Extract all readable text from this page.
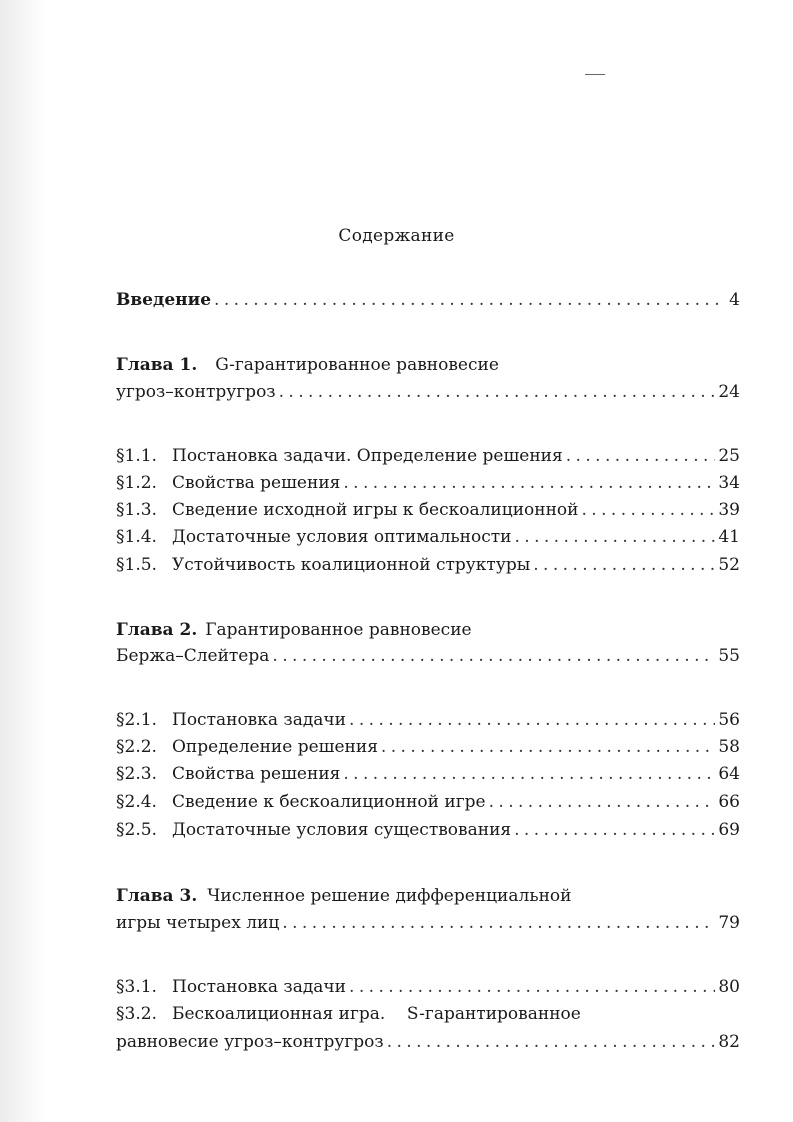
Содержание
Введение . . .	4
Глава 1. G-гарантированное равновесие
угроз–контругроз . . .	24
§1.1. Постановка задачи. Определение решения . . .	25
§1.2. Свойства решения . . .	34
§1.3. Сведение исходной игры к бескоалиционной . . .	39
§1.4. Достаточные условия оптимальности . . .	41
§1.5. Устойчивость коалиционной структуры . . .	52
Глава 2. Гарантированное равновесие
Бержа–Слейтера . . .	55
§2.1. Постановка задачи . . .	56
§2.2. Определение решения . . .	58
§2.3. Свойства решения . . .	64
§2.4. Сведение к бескоалиционной игре . . .	66
§2.5. Достаточные условия существования . . .	69
Глава 3. Численное решение дифференциальной
игры четырех лиц . . .	79
§3.1. Постановка задачи . . .	80
§3.2. Бескоалиционная игра.    S-гарантированное
равновесие угроз–контругроз . . .	82
